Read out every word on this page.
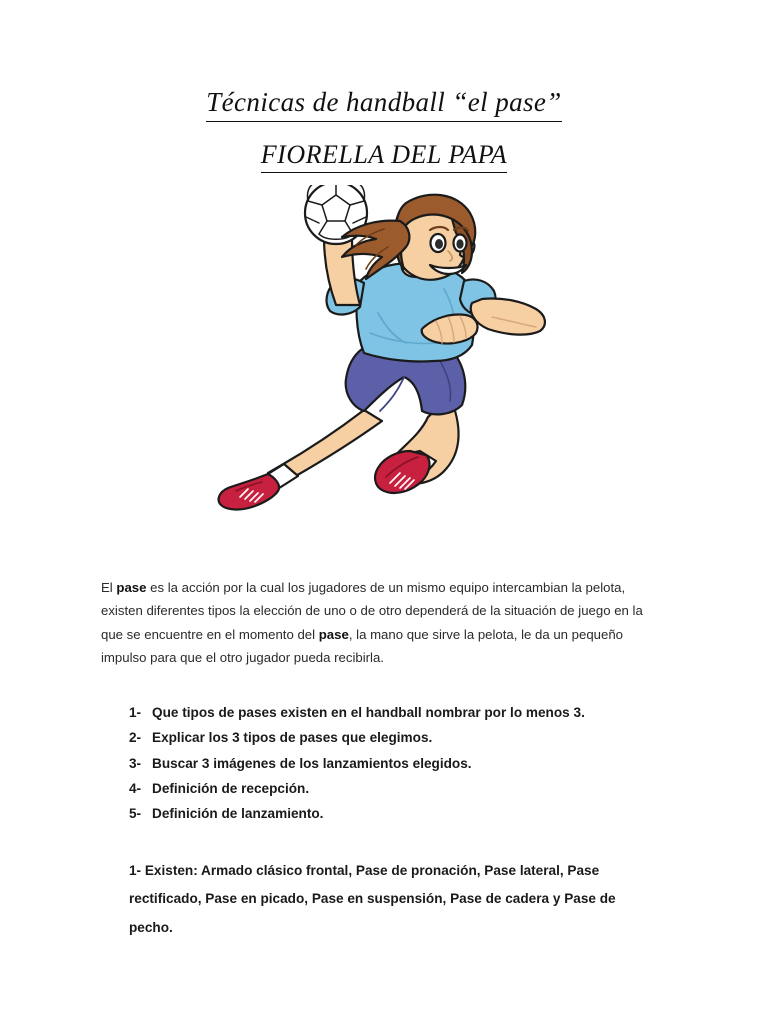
Técnicas de handball “el pase”
FIORELLA DEL PAPA

El pase es la acción por la cual los jugadores de un mismo equipo intercambian la pelota, existen diferentes tipos la elección de uno o de otro dependerá de la situación de juego en la que se encuentre en el momento del pase, la mano que sirve la pelota, le da un pequeño impulso para que el otro jugador pueda recibirla.

1- Que tipos de pases existen en el handball nombrar por lo menos 3.
2- Explicar los 3 tipos de pases que elegimos.
3- Buscar 3 imágenes de los lanzamientos elegidos.
4- Definición de recepción.
5- Definición de lanzamiento.

1- Existen: Armado clásico frontal, Pase de pronación, Pase lateral, Pase rectificado, Pase en picado, Pase en suspensión, Pase de cadera y Pase de pecho.
